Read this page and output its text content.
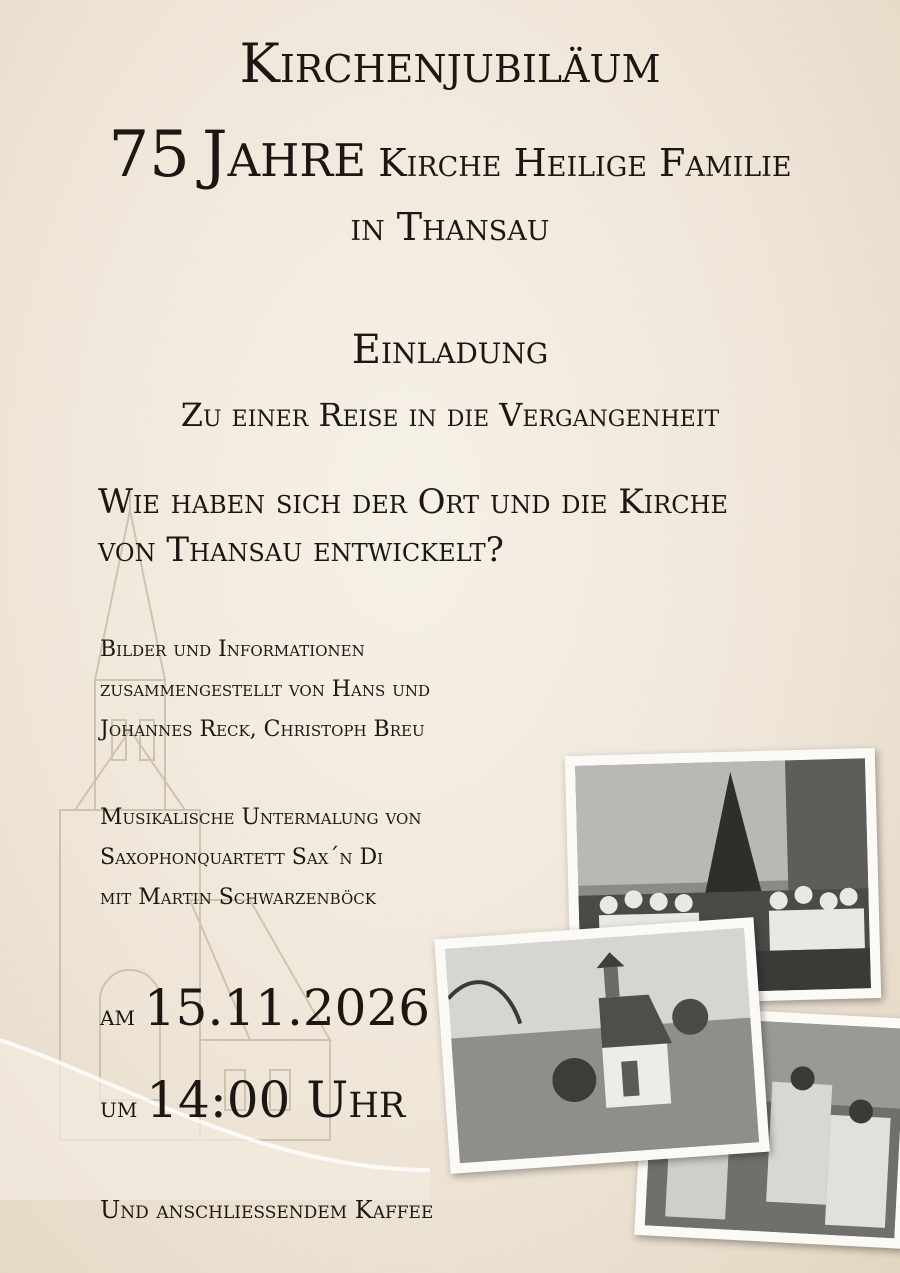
Kirchenjubiläum
75 Jahre Kirche Heilige Familie
in Thansau
Einladung
Zu einer Reise in die Vergangenheit
Wie haben sich der Ort und die Kirche
von Thansau entwickelt?
Bilder und Informationen
zusammengestellt von Hans und
Johannes Reck, Christoph Breu
Musikalische Untermalung von
Saxophonquartett Sax´n Di
mit Martin Schwarzenböck
am 15.11.2026
um 14:00 Uhr
Und anschliessendem Kaffee
